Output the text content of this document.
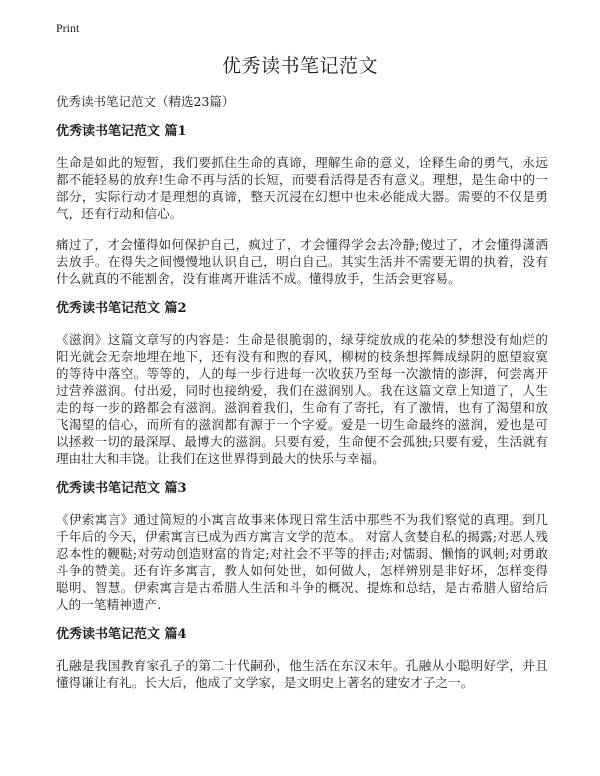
Print
优秀读书笔记范文

优秀读书笔记范文（精选23篇）

优秀读书笔记范文 篇1

生命是如此的短暂，我们要抓住生命的真谛，理解生命的意义，诠释生命的勇气，永远都不能轻易的放弃!生命不再与活的长短，而要看活得是否有意义。理想，是生命中的一部分，实际行动才是理想的真谛，整天沉浸在幻想中也未必能成大器。需要的不仅是勇气，还有行动和信心。

痛过了，才会懂得如何保护自己，疯过了，才会懂得学会去冷静;傻过了，才会懂得潇洒去放手。在得失之间慢慢地认识自己，明白自己。其实生活并不需要无谓的执着，没有什么就真的不能割舍，没有谁离开谁活不成。懂得放手，生活会更容易。

优秀读书笔记范文 篇2

《滋润》这篇文章写的内容是：生命是很脆弱的，绿芽绽放成的花朵的梦想没有灿烂的阳光就会无奈地埋在地下，还有没有和煦的春风，柳树的枝条想挥舞成绿阴的愿望寂寞的等待中落空。等等的，人的每一步行进每一次收获乃至每一次激情的澎湃，何尝离开过营养滋润。付出爱，同时也接纳爱，我们在滋润别人。我在这篇文章上知道了，人生走的每一步的路都会有滋润。滋润着我们，生命有了寄托，有了激情，也有了渴望和放飞渴望的信心，而所有的滋润都有源于一个字爱。爱是一切生命最终的滋润，爱也是可以拯救一切的最深厚、最博大的滋润。只要有爱，生命便不会孤独;只要有爱，生活就有理由壮大和丰饶。让我们在这世界得到最大的快乐与幸福。

优秀读书笔记范文 篇3

《伊索寓言》通过简短的小寓言故事来体现日常生活中那些不为我们察觉的真理。到几千年后的今天，伊索寓言已成为西方寓言文学的范本。 对富人贪婪自私的揭露;对恶人残忍本性的鞭鞑;对劳动创造财富的肯定;对社会不平等的抨击;对懦弱、懒惰的讽刺;对勇敢斗争的赞美。还有许多寓言，教人如何处世，如何做人，怎样辨别是非好坏，怎样变得聪明、智慧。伊索寓言是古希腊人生活和斗争的概况、提炼和总结，是古希腊人留给后人的一笔精神遗产.

优秀读书笔记范文 篇4

孔融是我国教育家孔子的第二十代嗣孙，他生活在东汉末年。孔融从小聪明好学，并且懂得谦让有礼。长大后，他成了文学家，是文明史上著名的建安才子之一。
